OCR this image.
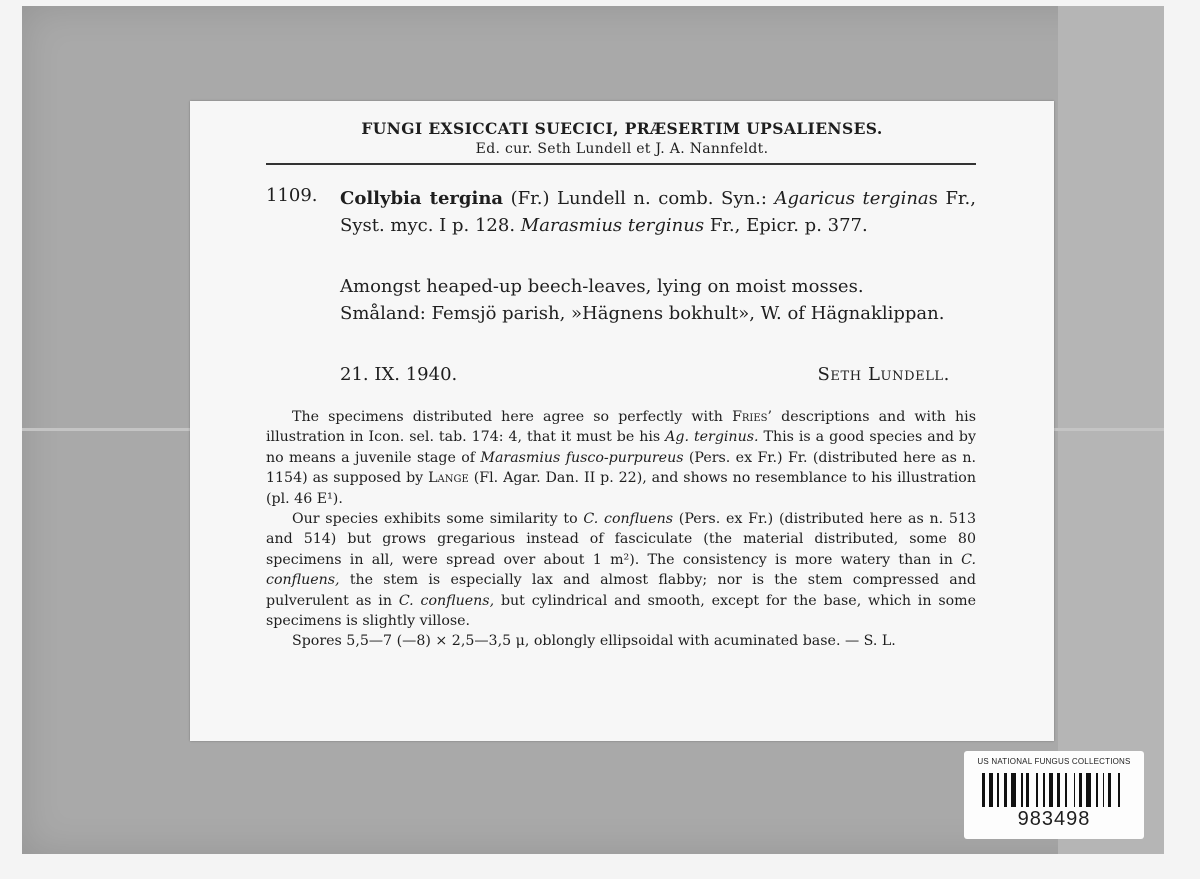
FUNGI EXSICCATI SUECICI, PRÆSERTIM UPSALIENSES.
Ed. cur. Seth Lundell et J. A. Nannfeldt.
1109. Collybia tergina (Fr.) Lundell n. comb. Syn.: Agaricus terginas Fr., Syst. myc. I p. 128. Marasmius terginus Fr., Epicr. p. 377.

Amongst heaped-up beech-leaves, lying on moist mosses.

Småland: Femsjö parish, »Hägnens bokhult», W. of Hägnaklippan.

21. IX. 1940.	Seth Lundell.

The specimens distributed here agree so perfectly with Fries’ descriptions and with his illustration in Icon. sel. tab. 174: 4, that it must be his Ag. terginus. This is a good species and by no means a juvenile stage of Marasmius fusco-purpureus (Pers. ex Fr.) Fr. (distributed here as n. 1154) as supposed by Lange (Fl. Agar. Dan. II p. 22), and shows no resemblance to his illustration (pl. 46 E¹).

Our species exhibits some similarity to C. confluens (Pers. ex Fr.) (distributed here as n. 513 and 514) but grows gregarious instead of fasciculate (the material distributed, some 80 specimens in all, were spread over about 1 m²). The consistency is more watery than in C. confluens, the stem is especially lax and almost flabby; nor is the stem compressed and pulverulent as in C. confluens, but cylindrical and smooth, except for the base, which in some specimens is slightly villose.

Spores 5,5—7 (—8) × 2,5—3,5 μ, oblongly ellipsoidal with acuminated base. — S. L.

US NATIONAL FUNGUS COLLECTIONS
983498
